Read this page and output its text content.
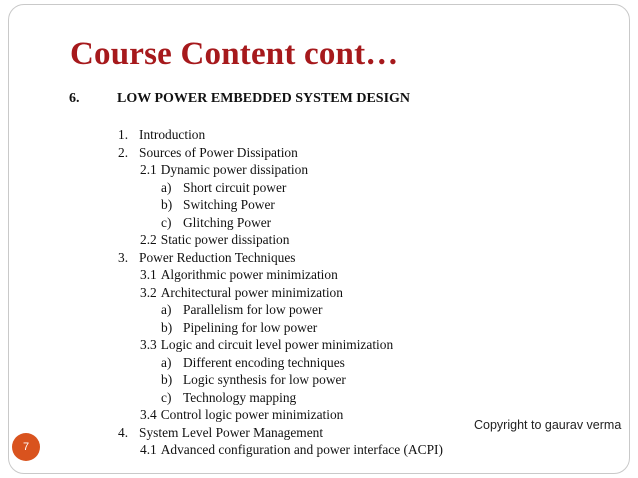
Course Content cont…
6.	LOW POWER EMBEDDED SYSTEM DESIGN
1. Introduction
2. Sources of Power Dissipation
2.1 Dynamic power dissipation
a) Short circuit power
b) Switching Power
c) Glitching Power
2.2 Static power dissipation
3. Power Reduction Techniques
3.1 Algorithmic power minimization
3.2 Architectural power minimization
a) Parallelism for low power
b) Pipelining for low power
3.3 Logic and circuit level power minimization
a) Different encoding techniques
b) Logic synthesis for low power
c) Technology mapping
3.4 Control logic power minimization
4. System Level Power Management
4.1 Advanced configuration and power interface (ACPI)
Copyright to gaurav verma
7
